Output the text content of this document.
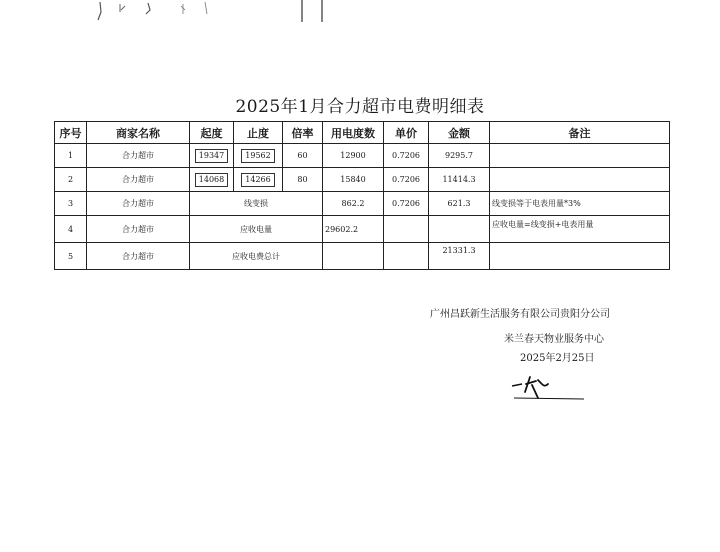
2025年1月合力超市电费明细表
序号	商家名称	起度	止度	倍率	用电度数	单价	金额	备注
1	合力超市	19347	19562	60	12900	0.7206	9295.7	
2	合力超市	14068	14266	80	15840	0.7206	11414.3	
3	合力超市	线变损			862.2	0.7206	621.3	线变损等于电表用量*3%
4	合力超市	应收电量			29602.2			应收电量=线变损+电表用量
5	合力超市	应收电费总计					21331.3	
广州昌跃新生活服务有限公司贵阳分公司
米兰春天物业服务中心
2025年2月25日
